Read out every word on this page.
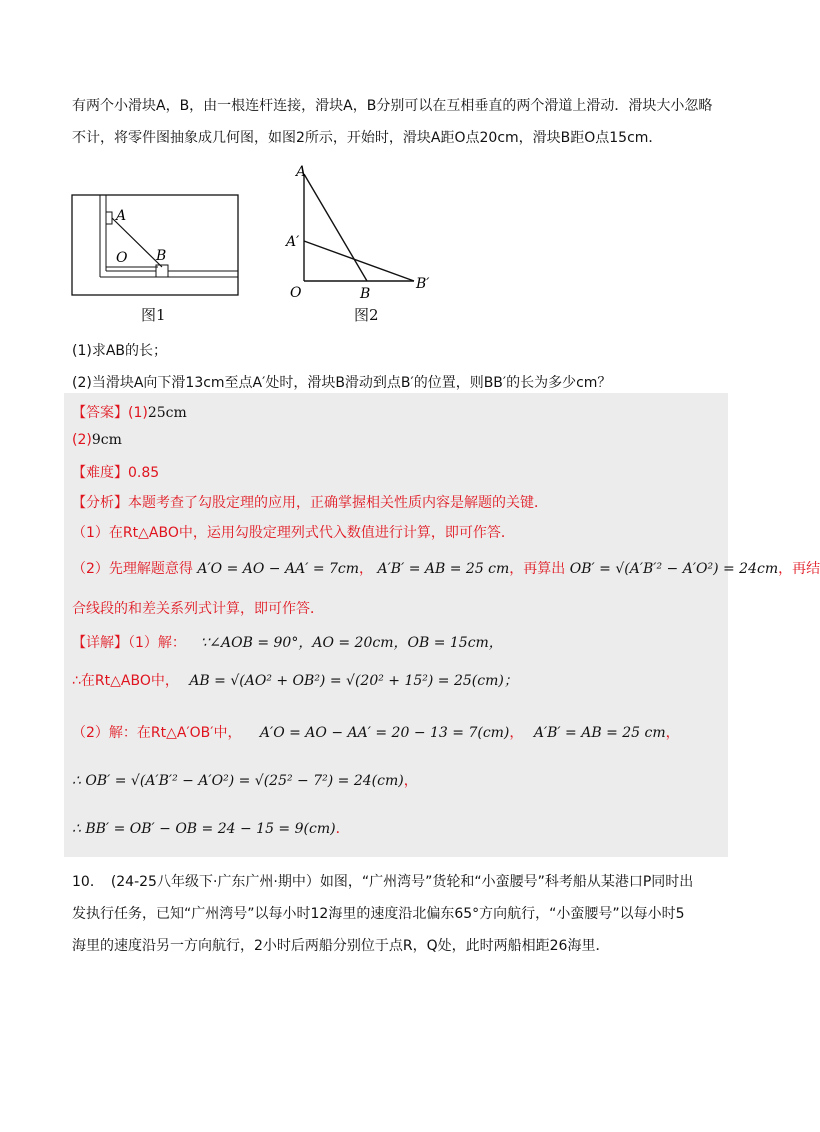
有两个小滑块A，B，由一根连杆连接，滑块A，B分别可以在互相垂直的两个滑道上滑动．滑块大小忽略
不计，将零件图抽象成几何图，如图2所示，开始时，滑块A距O点20cm，滑块B距O点15cm．
A
O B
图1
A
A′
O	B
B′
图2
(1)求AB的长；
(2)当滑块A向下滑13cm至点A′处时，滑块B滑动到点B′的位置，则BB′的长为多少cm？
【答案】(1)25cm
(2)9cm
【难度】0.85
【分析】本题考查了勾股定理的应用，正确掌握相关性质内容是解题的关键．
（1）在Rt△ABO中，运用勾股定理列式代入数值进行计算，即可作答．
（2）先理解题意得 A′O = AO − AA′ = 7cm， A′B′ = AB = 25 cm，再算出 OB′ = √(A′B′² − A′O²) = 24cm，再结
合线段的和差关系列式计算，即可作答．
【详解】（1）解： ∵∠AOB = 90°，AO = 20cm，OB = 15cm，
∴在Rt△ABO中， AB = √(AO² + OB²) = √(20² + 15²) = 25(cm)；
（2）解：在Rt△A′OB′中， A′O = AO − AA′ = 20 − 13 = 7(cm)， A′B′ = AB = 25 cm，
∴ OB′ = √(A′B′² − A′O²) = √(25² − 7²) = 24(cm)，
∴ BB′ = OB′ − OB = 24 − 15 = 9(cm)．
10．　(24-25八年级下·广东广州·期中）如图，“广州湾号”货轮和“小蛮腰号”科考船从某港口P同时出
发执行任务，已知“广州湾号”以每小时12海里的速度沿北偏东65°方向航行，“小蛮腰号”以每小时5
海里的速度沿另一方向航行，2小时后两船分别位于点R，Q处，此时两船相距26海里．
